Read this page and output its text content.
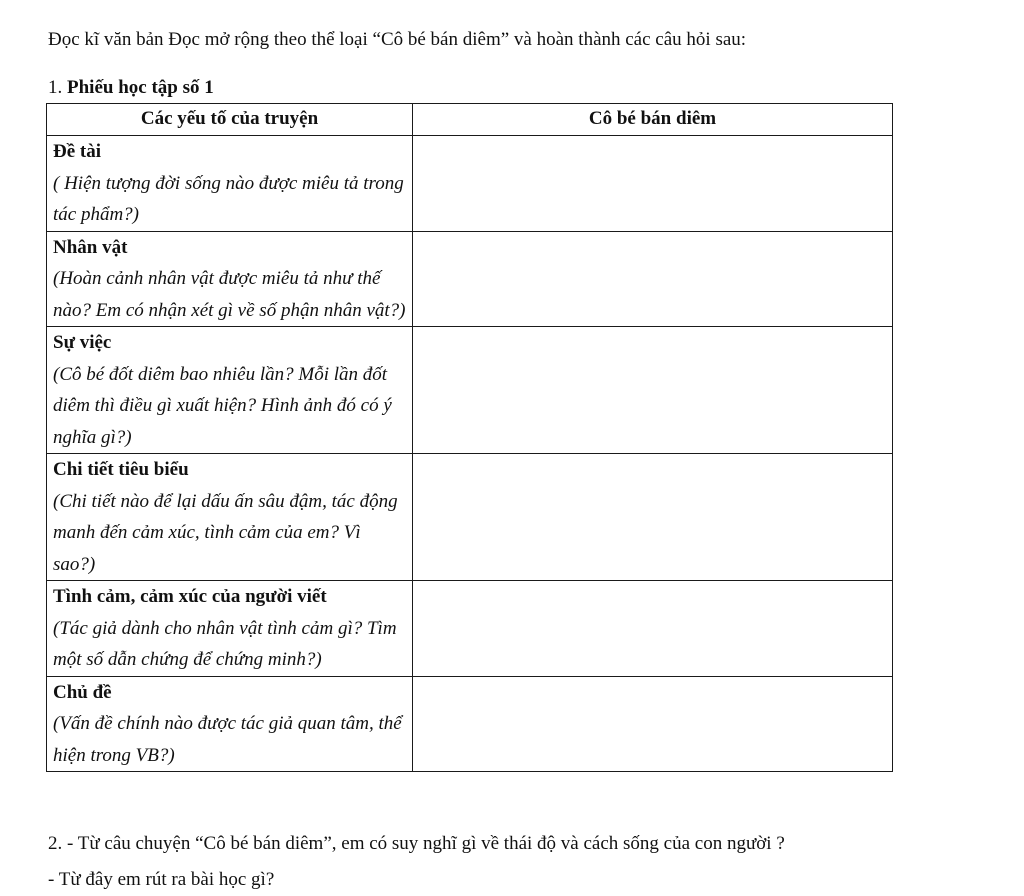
Đọc kĩ văn bản Đọc mở rộng theo thể loại “Cô bé bán diêm” và hoàn thành các câu hỏi sau:
1. Phiếu học tập số 1
Các yếu tố của truyện	Cô bé bán diêm

Đề tài
( Hiện tượng đời sống nào được miêu tả trong tác phẩm?)	

Nhân vật
(Hoàn cảnh nhân vật được miêu tả như thế nào? Em có nhận xét gì về số phận nhân vật?)	

Sự việc
(Cô bé đốt diêm bao nhiêu lần? Mỗi lần đốt diêm thì điều gì xuất hiện? Hình ảnh đó có ý nghĩa gì?)	

Chi tiết tiêu biểu
(Chi tiết nào để lại dấu ấn sâu đậm, tác động manh đến cảm xúc, tình cảm của em? Vì sao?)	

Tình cảm, cảm xúc của người viết
(Tác giả dành cho nhân vật tình cảm gì? Tìm một số dẫn chứng để chứng minh?)	

Chủ đề
(Vấn đề chính nào được tác giả quan tâm, thể hiện trong VB?)	

2. - Từ câu chuyện “Cô bé bán diêm”, em có suy nghĩ gì về thái độ và cách sống của con người ?
- Từ đây em rút ra bài học gì?
